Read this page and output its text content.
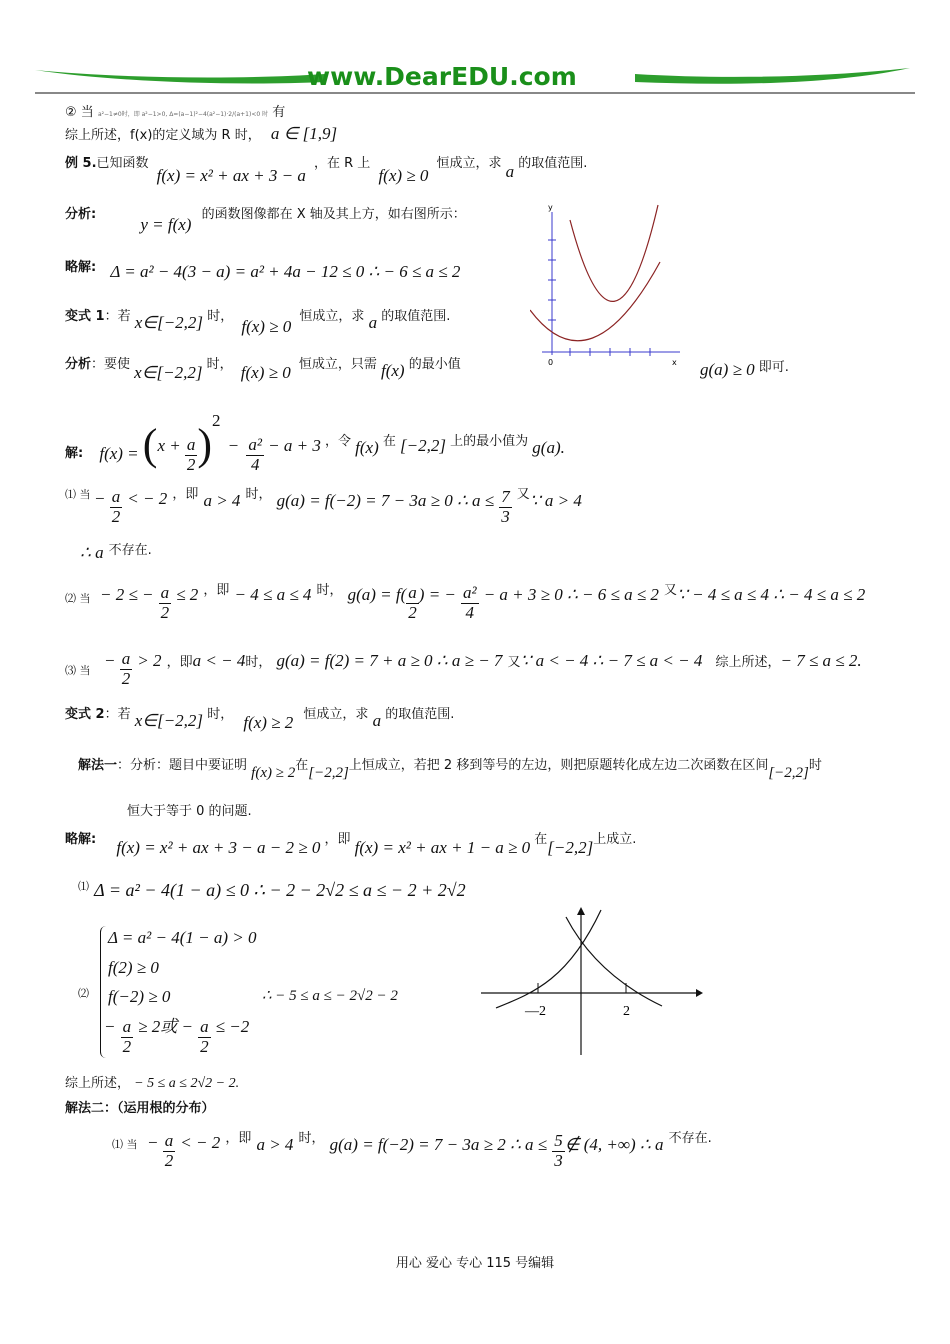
www.DearEDU.com
② 当 a²−1≠0时，即 a²−1>0, Δ=(a−1)²−4(a²−1)·2/(a+1)<0 时 有
综上所述，f(x)的定义域为 R 时， a ∈ [1,9]
例 5.已知函数 f(x) = x² + ax + 3 − a ，在 R 上 f(x) ≥ 0 恒成立，求 a 的取值范围.
分析: y = f(x) 的函数图像都在 X 轴及其上方，如右图所示：
略解: Δ = a² − 4(3 − a) = a² + 4a − 12 ≤ 0 ∴ − 6 ≤ a ≤ 2
y
x
0
变式 1：若 x∈[−2,2] 时， f(x) ≥ 0 恒成立，求 a 的取值范围.
分析：要使 x∈[−2,2] 时， f(x) ≥ 0 恒成立，只需 f(x) 的最小值	g(a) ≥ 0 即可.
解: $f(x) = (x + \frac{a}{2} )^2 - \frac{\text{a²}}{4} - a + 3$ ，令 f(x) 在 [−2,2] 上的最小值为 g(a).
⑴ 当 − $\frac{a}{2}$ < − 2 $^{,即}$ a > 4 $^{时,}$ g(a) = f(−2) = 7 − 3a ≥ 0 ∴ $a \le \frac{7}{3}$ $^又$∵ a > 4
∴ a $^{不存在.}$
⑵ 当 − 2 ≤ − $\frac{a}{2} \le 2$ $^{,即}$ − 4 ≤ a ≤ 4 $^{时,}$ $g(a) = f( \frac{a}{2}$ ) = − $\frac{\text{a²}}{4} - a + 3 \ge 0$ ∴ − 6 ≤ a ≤ 2 $^又$∵ − 4 ≤ a ≤ 4 ∴ − 4 ≤ a ≤ 2
⑶ 当
− $\frac{a}{2} > 2$ $^{,即}$a < − $4^{时,}$ g(a) = f(2) = 7 + a ≥ 0 ∴ a ≥ − 7 $^又$∵ a < − 4 ∴ − 7 ≤ a < − 4 $^{综上所述,}$− 7 ≤ a ≤ 2.
变式 2：若 x∈[−2,2] 时， f(x) ≥ 2 恒成立，求 a 的取值范围.
解法一：分析：题目中要证明 f(x) ≥ 2在[−2,2]上恒成立，若把 2 移到等号的左边，则把原题转化成左边二次函数在区间[−2,2]时
恒大于等于 0 的问题.
略解: f(x) = x² + ax + 3 − a − 2 ≥ 0 ，即 f(x) = x² + ax + 1 − a ≥ 0 在[−2,2]上成立.
⑴ Δ = a² − 4(1 − a) ≤ 0 ∴ − 2 − 2√2 ≤ a ≤ − 2 + 2√2
⑵
Δ = a² − 4(1 − a) > 0
f(2) ≥ 0
f(−2) ≥ 0
− $\frac{a}{2} \ge 2$或 − $\frac{a}{2} \le -2$
∴ − 5 ≤ a ≤ − 2√2 − 2
—2	2
综上所述， − 5 ≤ a ≤ 2√2 − 2.
解法二：（运用根的分布）
⑴ 当 − $\frac{a}{2}$ < − 2 $^{,即}$ a > 4 $^{时,}$ g(a) = f(−2) = 7 − 3a ≥ 2 ∴ $a \le \frac{5}{3}$ ∉ (4, +∞) ∴ a $^{不存在.}$
用心 爱心 专心 115 号编辑
